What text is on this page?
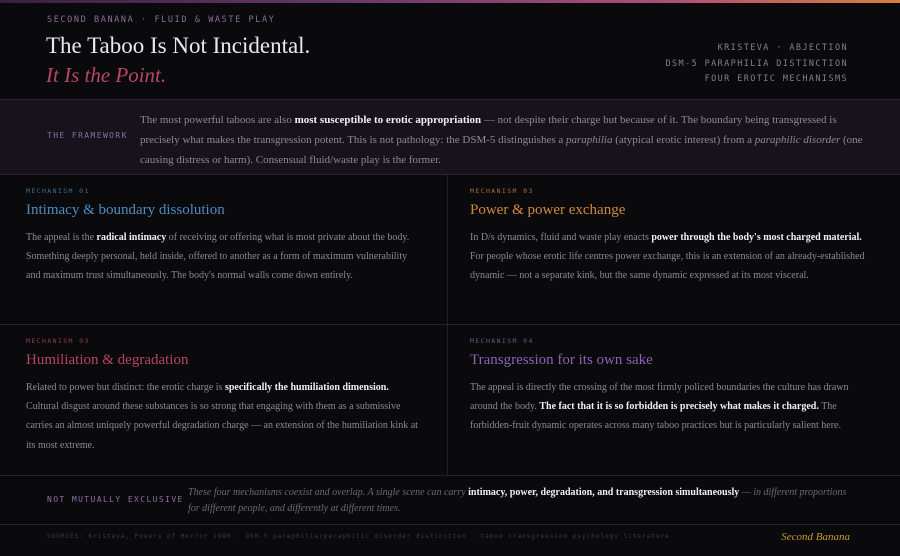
SECOND BANANA · FLUID & WASTE PLAY
The Taboo Is Not Incidental.
It Is the Point.
KRISTEVA · ABJECTION
DSM-5 PARAPHILIA DISTINCTION
FOUR EROTIC MECHANISMS
THE FRAMEWORK
The most powerful taboos are also most susceptible to erotic appropriation — not despite their charge but because of it. The boundary being transgressed is precisely what makes the transgression potent. This is not pathology: the DSM-5 distinguishes a paraphilia (atypical erotic interest) from a paraphilic disorder (one causing distress or harm). Consensual fluid/waste play is the former.
MECHANISM 01
Intimacy & boundary dissolution
The appeal is the radical intimacy of receiving or offering what is most private about the body. Something deeply personal, held inside, offered to another as a form of maximum vulnerability and maximum trust simultaneously. The body's normal walls come down entirely.
MECHANISM 03
Power & power exchange
In D/s dynamics, fluid and waste play enacts power through the body's most charged material. For people whose erotic life centres power exchange, this is an extension of an already-established dynamic — not a separate kink, but the same dynamic expressed at its most visceral.
MECHANISM 03
Humiliation & degradation
Related to power but distinct: the erotic charge is specifically the humiliation dimension. Cultural disgust around these substances is so strong that engaging with them as a submissive carries an almost uniquely powerful degradation charge — an extension of the humiliation kink at its most extreme.
MECHANISM 04
Transgression for its own sake
The appeal is directly the crossing of the most firmly policed boundaries the culture has drawn around the body. The fact that it is so forbidden is precisely what makes it charged. The forbidden-fruit dynamic operates across many taboo practices but is particularly salient here.
NOT MUTUALLY EXCLUSIVE
These four mechanisms coexist and overlap. A single scene can carry intimacy, power, degradation, and transgression simultaneously — in different proportions for different people, and differently at different times.
SOURCES: Kristeva, Powers of Horror 1980 · DSM-5 paraphilia/paraphilic disorder distinction · taboo transgression psychology literature	Second Banana
